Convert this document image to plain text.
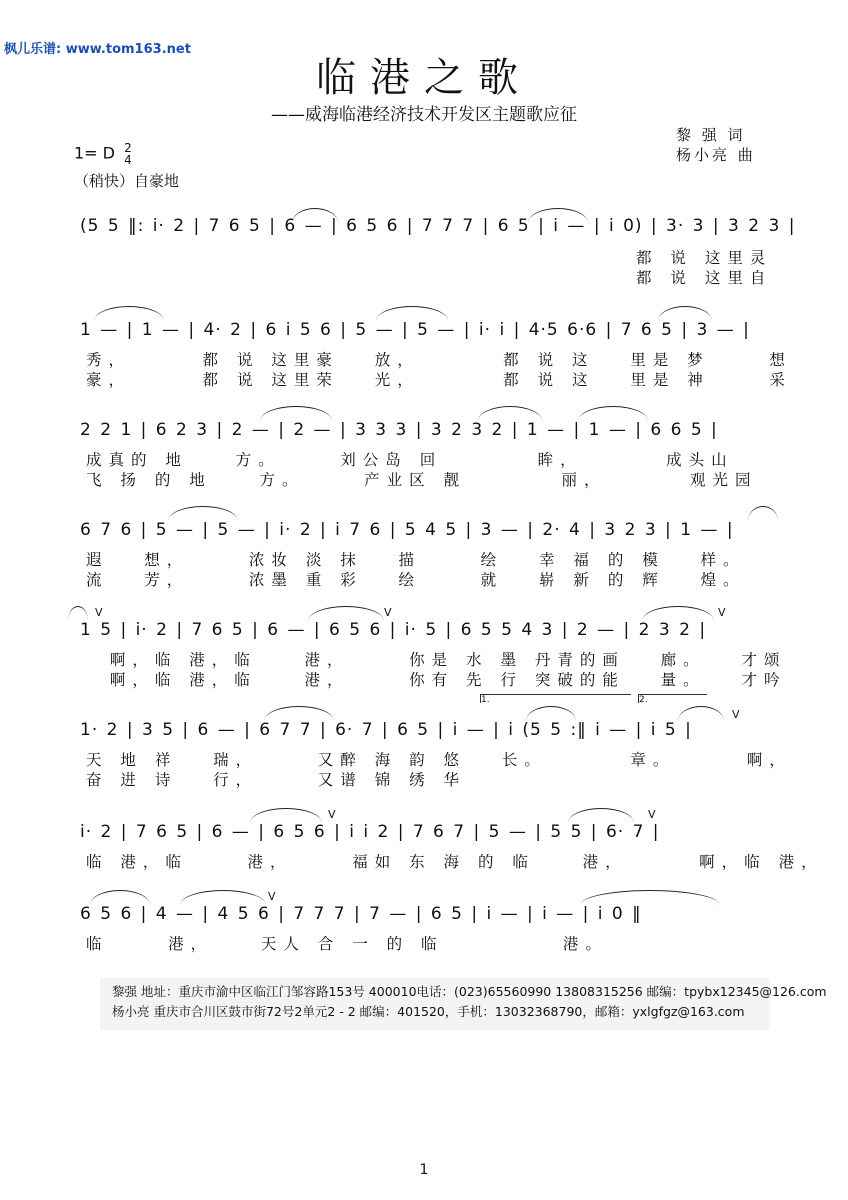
枫儿乐谱: www.tom163.net
临港之歌
——威海临港经济技术开发区主题歌应征
黎 强 词
杨小亮 曲
1= D 2
4
（稍快）自豪地
(5 5 ‖: i· 2 | 7 6 5 | 6 — | 6 5 6 | 7 7 7 | 6 5 | i — | i 0) | 3· 3 | 3 2 3 |
都 说 这里灵
都 说 这里自
1 — | 1 — | 4· 2 | 6 i 5 6 | 5 — | 5 — | i· i | 4·5 6·6 | 7 6 5 | 3 — |
秀，      都 说 这里豪   放，       都 说 这   里是 梦     想
豪，      都 说 这里荣   光，       都 说 这   里是 神     采
2 2 1 | 6 2 3 | 2 — | 2 — | 3 3 3 | 3 2 3 2 | 1 — | 1 — | 6 6 5 |
成真的 地    方。     刘公岛 回        眸，       成头山
飞 扬 的 地    方。     产业区 靓        丽，       观光园
6 7 6 | 5 — | 5 — | i· 2 | i 7 6 | 5 4 5 | 3 — | 2· 4 | 3 2 3 | 1 — |
遐   想，     浓妆 淡 抹   描     绘   幸 福 的 模   样。
流   芳，     浓墨 重 彩   绘     就   崭 新 的 辉   煌。
1 5 | i· 2 | 7 6 5 | 6 — | 6 5 6 | i· 5 | 6 5 5 4 3 | 2 — | 2 3 2 |
啊，临 港，临    港，     你是 水 墨 丹青的画   廊。   才颂
啊，临 港，临    港，     你有 先 行 突破的能   量。   才吟
V	V	V
1.	2.
1· 2 | 3 5 | 6 — | 6 7 7 | 6· 7 | 6 5 | i — | i (5 5 :‖ i — | i 5 |
天 地 祥   瑞，     又醉 海 韵 悠   长。       章。      啊，
奋 进 诗   行，     又谱 锦 绣 华
V
i· 2 | 7 6 5 | 6 — | 6 5 6 | i i 2 | 7 6 7 | 5 — | 5 5 | 6· 7 |
临 港，临     港，     福如 东 海 的 临    港，      啊，临 港，
V	V
6 5 6 | 4 — | 4 5 6 | 7 7 7 | 7 — | 6 5 | i — | i — | i 0 ‖
临     港，    天人 合 一 的 临          港。
V
黎强 地址：重庆市渝中区临江门邹容路153号 400010电话：(023)65560990 13808315256 邮编：tpybx12345@126.com
杨小亮 重庆市合川区鼓市街72号2单元2 - 2 邮编：401520，手机：13032368790，邮箱：yxlgfgz@163.com
1
